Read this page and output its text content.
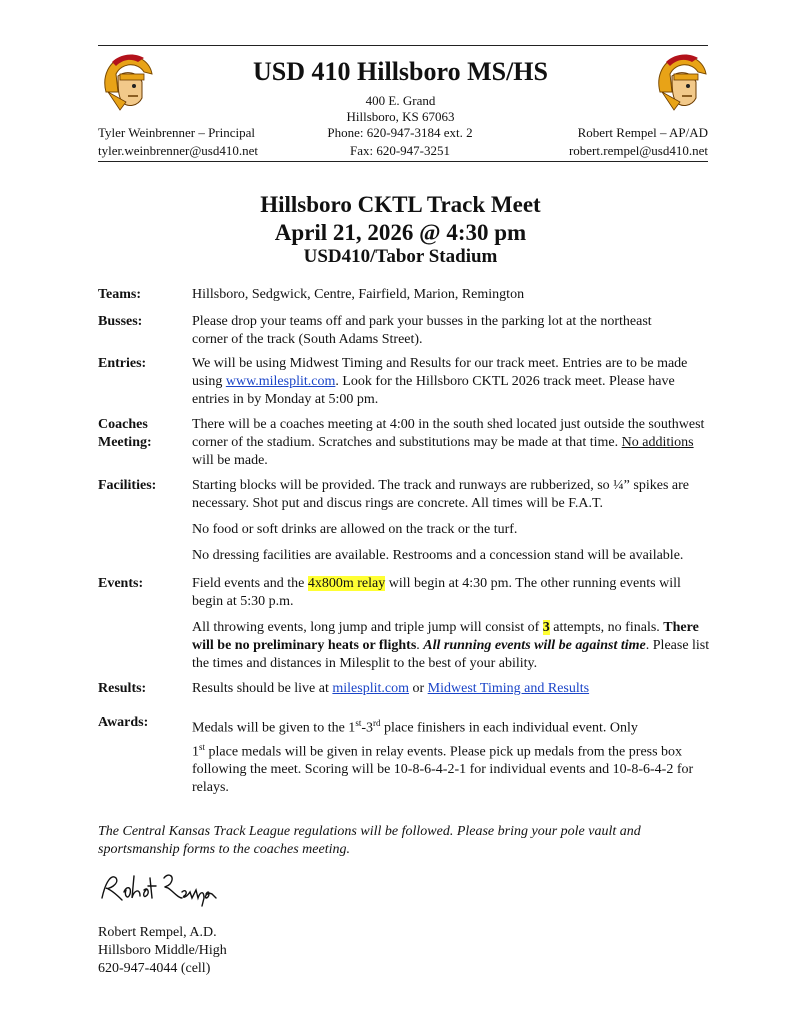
USD 410 Hillsboro MS/HS
400 E. Grand
Hillsboro, KS 67063
Tyler Weinbrenner – Principal
tyler.weinbrenner@usd410.net
Phone: 620-947-3184 ext. 2
Fax: 620-947-3251
Robert Rempel – AP/AD
robert.rempel@usd410.net
Hillsboro CKTL Track Meet
April 21, 2026 @ 4:30 pm
USD410/Tabor Stadium
Teams:	Hillsboro, Sedgwick, Centre, Fairfield, Marion, Remington
Busses:	Please drop your teams off and park your busses in the parking lot at the northeast corner of the track (South Adams Street).
Entries:	We will be using Midwest Timing and Results for our track meet. Entries are to be made using www.milesplit.com. Look for the Hillsboro CKTL 2026 track meet. Please have entries in by Monday at 5:00 pm.
Coaches
Meeting:
There will be a coaches meeting at 4:00 in the south shed located just outside the southwest corner of the stadium. Scratches and substitutions may be made at that time. No additions will be made.
Facilities:	Starting blocks will be provided. The track and runways are rubberized, so ¼” spikes are necessary. Shot put and discus rings are concrete. All times will be F.A.T.
No food or soft drinks are allowed on the track or the turf.
No dressing facilities are available. Restrooms and a concession stand will be available.
Events:	Field events and the 4x800m relay will begin at 4:30 pm. The other running events will begin at 5:30 p.m.
All throwing events, long jump and triple jump will consist of 3 attempts, no finals. There will be no preliminary heats or flights. All running events will be against time. Please list the times and distances in Milesplit to the best of your ability.
Results:	Results should be live at milesplit.com or Midwest Timing and Results
Awards:	Medals will be given to the 1st-3rd place finishers in each individual event. Only
1st place medals will be given in relay events. Please pick up medals from the press box following the meet. Scoring will be 10-8-6-4-2-1 for individual events and 10-8-6-4-2 for relays.
The Central Kansas Track League regulations will be followed. Please bring your pole vault and sportsmanship forms to the coaches meeting.
Robert Rempel, A.D.
Hillsboro Middle/High
620-947-4044 (cell)
